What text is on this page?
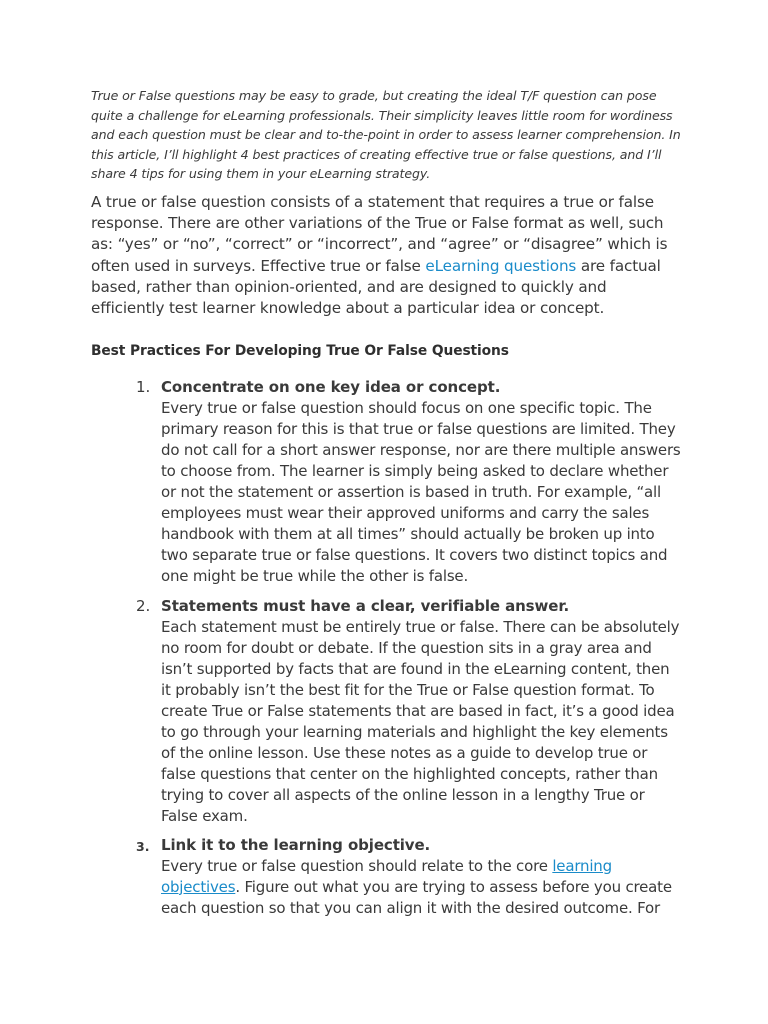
True or False questions may be easy to grade, but creating the ideal T/F question can pose quite a challenge for eLearning professionals. Their simplicity leaves little room for wordiness and each question must be clear and to-the-point in order to assess learner comprehension. In this article, I’ll highlight 4 best practices of creating effective true or false questions, and I’ll share 4 tips for using them in your eLearning strategy.

A true or false question consists of a statement that requires a true or false response. There are other variations of the True or False format as well, such as: “yes” or “no”, “correct” or “incorrect”, and “agree” or “disagree” which is often used in surveys. Effective true or false eLearning questions are factual based, rather than opinion-oriented, and are designed to quickly and efficiently test learner knowledge about a particular idea or concept.

Best Practices For Developing True Or False Questions
1. Concentrate on one key idea or concept.

Every true or false question should focus on one specific topic. The primary reason for this is that true or false questions are limited. They do not call for a short answer response, nor are there multiple answers to choose from. The learner is simply being asked to declare whether or not the statement or assertion is based in truth. For example, “all employees must wear their approved uniforms and carry the sales handbook with them at all times” should actually be broken up into two separate true or false questions. It covers two distinct topics and one might be true while the other is false.

2. Statements must have a clear, verifiable answer.

Each statement must be entirely true or false. There can be absolutely no room for doubt or debate. If the question sits in a gray area and isn’t supported by facts that are found in the eLearning content, then it probably isn’t the best fit for the True or False question format. To create True or False statements that are based in fact, it’s a good idea to go through your learning materials and highlight the key elements of the online lesson. Use these notes as a guide to develop true or false questions that center on the highlighted concepts, rather than trying to cover all aspects of the online lesson in a lengthy True or False exam.

3. Link it to the learning objective.

Every true or false question should relate to the core learning objectives. Figure out what you are trying to assess before you create each question so that you can align it with the desired outcome. For
